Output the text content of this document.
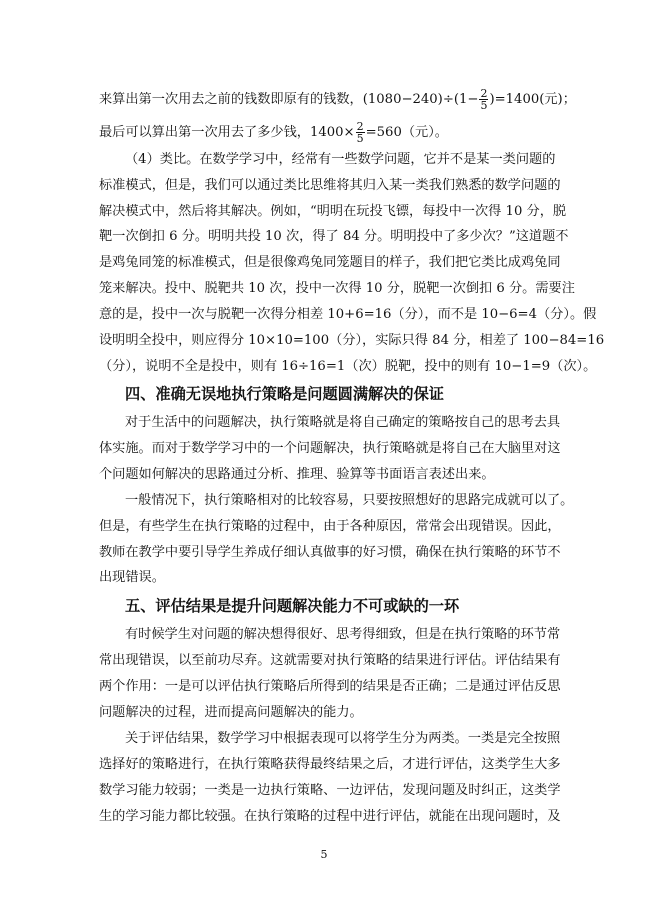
来算出第一次用去之前的钱数即原有的钱数，$(1080-240)\div(1- \frac{2}{5} )=1400$(元)；
最后可以算出第一次用去了多少钱，$1400\times \frac{2}{5} =560$（元）。
（4）类比。在数学学习中，经常有一些数学问题，它并不是某一类问题的
标准模式，但是，我们可以通过类比思维将其归入某一类我们熟悉的数学问题的
解决模式中，然后将其解决。例如，“明明在玩投飞镖，每投中一次得 10 分，脱
靶一次倒扣 6 分。明明共投 10 次，得了 84 分。明明投中了多少次？”这道题不
是鸡兔同笼的标准模式，但是很像鸡兔同笼题目的样子，我们把它类比成鸡兔同
笼来解决。投中、脱靶共 10 次，投中一次得 10 分，脱靶一次倒扣 6 分。需要注
意的是，投中一次与脱靶一次得分相差 10+6=16（分），而不是 10−6=4（分）。假
设明明全投中，则应得分 10×10=100（分），实际只得 84 分，相差了 100−84=16
（分），说明不全是投中，则有 16÷16=1（次）脱靶，投中的则有 10−1=9（次）。
四、准确无误地执行策略是问题圆满解决的保证
对于生活中的问题解决，执行策略就是将自己确定的策略按自己的思考去具
体实施。而对于数学学习中的一个问题解决，执行策略就是将自己在大脑里对这
个问题如何解决的思路通过分析、推理、验算等书面语言表述出来。
一般情况下，执行策略相对的比较容易，只要按照想好的思路完成就可以了。
但是，有些学生在执行策略的过程中，由于各种原因，常常会出现错误。因此，
教师在教学中要引导学生养成仔细认真做事的好习惯，确保在执行策略的环节不
出现错误。
五、评估结果是提升问题解决能力不可或缺的一环
有时候学生对问题的解决想得很好、思考得细致，但是在执行策略的环节常
常出现错误，以至前功尽弃。这就需要对执行策略的结果进行评估。评估结果有
两个作用：一是可以评估执行策略后所得到的结果是否正确；二是通过评估反思
问题解决的过程，进而提高问题解决的能力。
关于评估结果，数学学习中根据表现可以将学生分为两类。一类是完全按照
选择好的策略进行，在执行策略获得最终结果之后，才进行评估，这类学生大多
数学习能力较弱；一类是一边执行策略、一边评估，发现问题及时纠正，这类学
生的学习能力都比较强。在执行策略的过程中进行评估，就能在出现问题时，及
5
